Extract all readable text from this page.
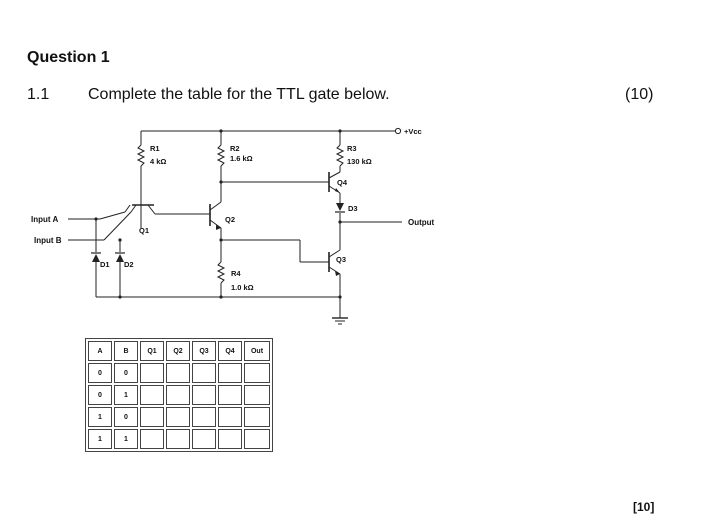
Question 1
1.1 Complete the table for the TTL gate below.	(10)
+Vcc
Input A
Input B
Output
R1
4 kΩ
R2
1.6 kΩ
R3
130 kΩ
R4
1.0 kΩ
Q1
Q2
Q3
Q4
D1 D2
D3
A	B	Q1	Q2	Q3	Q4	Out
0	0					
0	1					
1	0					
1	1					
[10]
